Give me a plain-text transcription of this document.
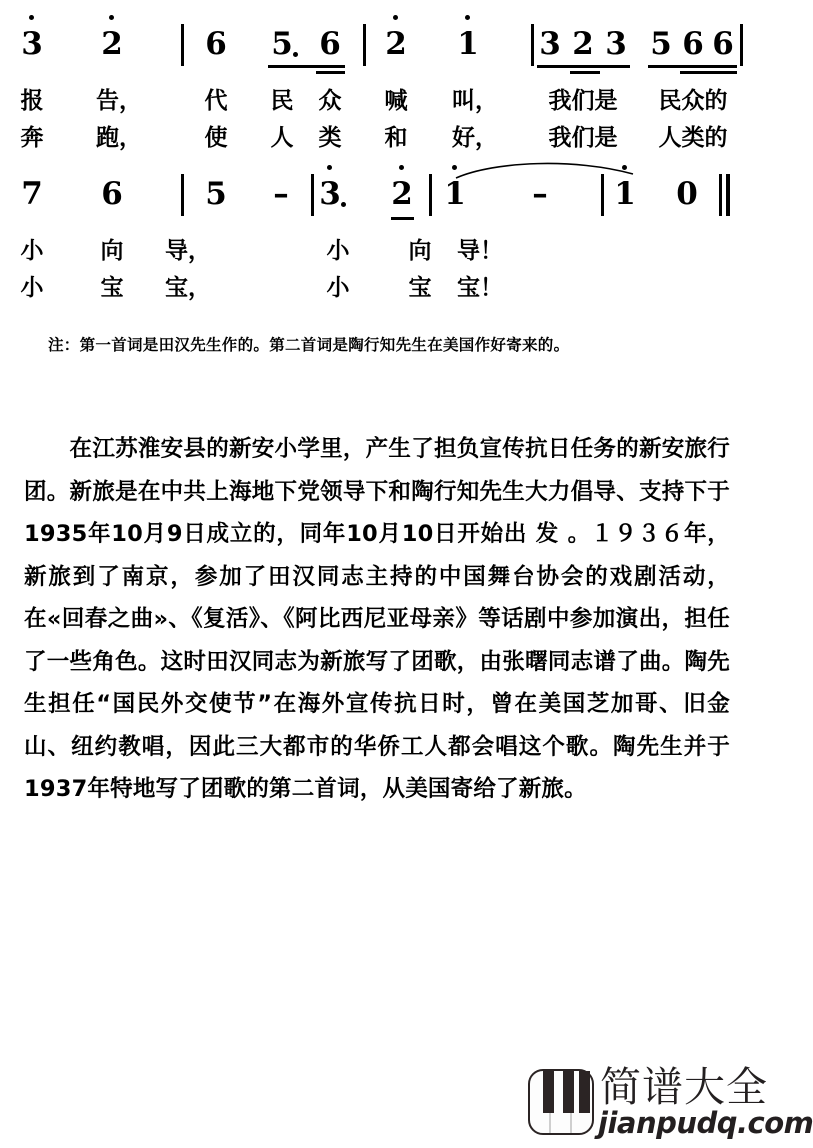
3 2	6 5 6 2 1 3 2 3 5 6 6
报 告，	代 民 众 喊 叫， 我们是 民众的
奔 跑，	使 人 类 和 好， 我们是 人类的
7 6	5	3 2 1	1 0
–	–
小 向 导，	小	向 导！
小 宝 宝，	小	宝 宝！
注：第一首词是田汉先生作的。第二首词是陶行知先生在美国作好寄来的。

　　在江苏淮安县的新安小学里，产生了担负宣传抗日任务的新安旅行团。新旅是在中共上海地下党领导下和陶行知先生大力倡导、支持下于1935年10月9日成立的，同年10月10日开始出 发 。１９３６年，新旅到了南京，参加了田汉同志主持的中国舞台协会的戏剧活动，在«回春之曲»、《复活》、《阿比西尼亚母亲》等话剧中参加演出，担任了一些角色。这时田汉同志为新旅写了团歌，由张曙同志谱了曲。陶先生担任“国民外交使节”在海外宣传抗日时，曾在美国芝加哥、旧金山、纽约教唱，因此三大都市的华侨工人都会唱这个歌。陶先生并于1937年特地写了团歌的第二首词，从美国寄给了新旅。

简谱大全
jianpudq.com
